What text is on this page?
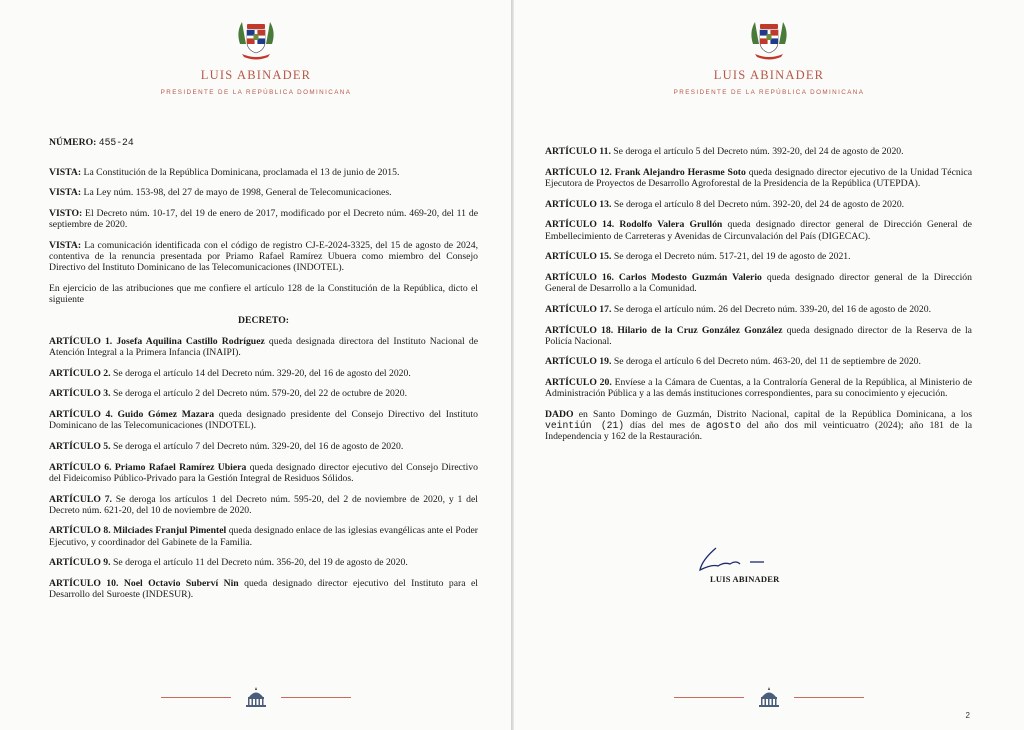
LUIS ABINADER
PRESIDENTE DE LA REPÚBLICA DOMINICANA

NÚMERO: 455-24

VISTA: La Constitución de la República Dominicana, proclamada el 13 de junio de 2015.

VISTA: La Ley núm. 153-98, del 27 de mayo de 1998, General de Telecomunicaciones.

VISTO: El Decreto núm. 10-17, del 19 de enero de 2017, modificado por el Decreto núm. 469-20, del 11 de septiembre de 2020.

VISTA: La comunicación identificada con el código de registro CJ-E-2024-3325, del 15 de agosto de 2024, contentiva de la renuncia presentada por Priamo Rafael Ramírez Ubuera como miembro del Consejo Directivo del Instituto Dominicano de las Telecomunicaciones (INDOTEL).

En ejercicio de las atribuciones que me confiere el artículo 128 de la Constitución de la República, dicto el siguiente

DECRETO:

ARTÍCULO 1. Josefa Aquilina Castillo Rodríguez queda designada directora del Instituto Nacional de Atención Integral a la Primera Infancia (INAIPI).

ARTÍCULO 2. Se deroga el artículo 14 del Decreto núm. 329-20, del 16 de agosto del 2020.

ARTÍCULO 3. Se deroga el artículo 2 del Decreto núm. 579-20, del 22 de octubre de 2020.

ARTÍCULO 4. Guido Gómez Mazara queda designado presidente del Consejo Directivo del Instituto Dominicano de las Telecomunicaciones (INDOTEL).

ARTÍCULO 5. Se deroga el artículo 7 del Decreto núm. 329-20, del 16 de agosto de 2020.

ARTÍCULO 6. Priamo Rafael Ramírez Ubiera queda designado director ejecutivo del Consejo Directivo del Fideicomiso Público-Privado para la Gestión Integral de Residuos Sólidos.

ARTÍCULO 7. Se deroga los artículos 1 del Decreto núm. 595-20, del 2 de noviembre de 2020, y 1 del Decreto núm. 621-20, del 10 de noviembre de 2020.

ARTÍCULO 8. Milciades Franjul Pimentel queda designado enlace de las iglesias evangélicas ante el Poder Ejecutivo, y coordinador del Gabinete de la Familia.

ARTÍCULO 9. Se deroga el artículo 11 del Decreto núm. 356-20, del 19 de agosto de 2020.

ARTÍCULO 10. Noel Octavio Suberví Nin queda designado director ejecutivo del Instituto para el Desarrollo del Suroeste (INDESUR).

LUIS ABINADER
PRESIDENTE DE LA REPÚBLICA DOMINICANA

ARTÍCULO 11. Se deroga el artículo 5 del Decreto núm. 392-20, del 24 de agosto de 2020.

ARTÍCULO 12. Frank Alejandro Herasme Soto queda designado director ejecutivo de la Unidad Técnica Ejecutora de Proyectos de Desarrollo Agroforestal de la Presidencia de la República (UTEPDA).

ARTÍCULO 13. Se deroga el artículo 8 del Decreto núm. 392-20, del 24 de agosto de 2020.

ARTÍCULO 14. Rodolfo Valera Grullón queda designado director general de Dirección General de Embellecimiento de Carreteras y Avenidas de Circunvalación del País (DIGECAC).

ARTÍCULO 15. Se deroga el Decreto núm. 517-21, del 19 de agosto de 2021.

ARTÍCULO 16. Carlos Modesto Guzmán Valerio queda designado director general de la Dirección General de Desarrollo a la Comunidad.

ARTÍCULO 17. Se deroga el artículo núm. 26 del Decreto núm. 339-20, del 16 de agosto de 2020.

ARTÍCULO 18. Hilario de la Cruz González González queda designado director de la Reserva de la Policía Nacional.

ARTÍCULO 19. Se deroga el artículo 6 del Decreto núm. 463-20, del 11 de septiembre de 2020.

ARTÍCULO 20. Envíese a la Cámara de Cuentas, a la Contraloría General de la República, al Ministerio de Administración Pública y a las demás instituciones correspondientes, para su conocimiento y ejecución.

DADO en Santo Domingo de Guzmán, Distrito Nacional, capital de la República Dominicana, a los veintiún (21) días del mes de agosto del año dos mil veinticuatro (2024); año 181 de la Independencia y 162 de la Restauración.

LUIS ABINADER

2
